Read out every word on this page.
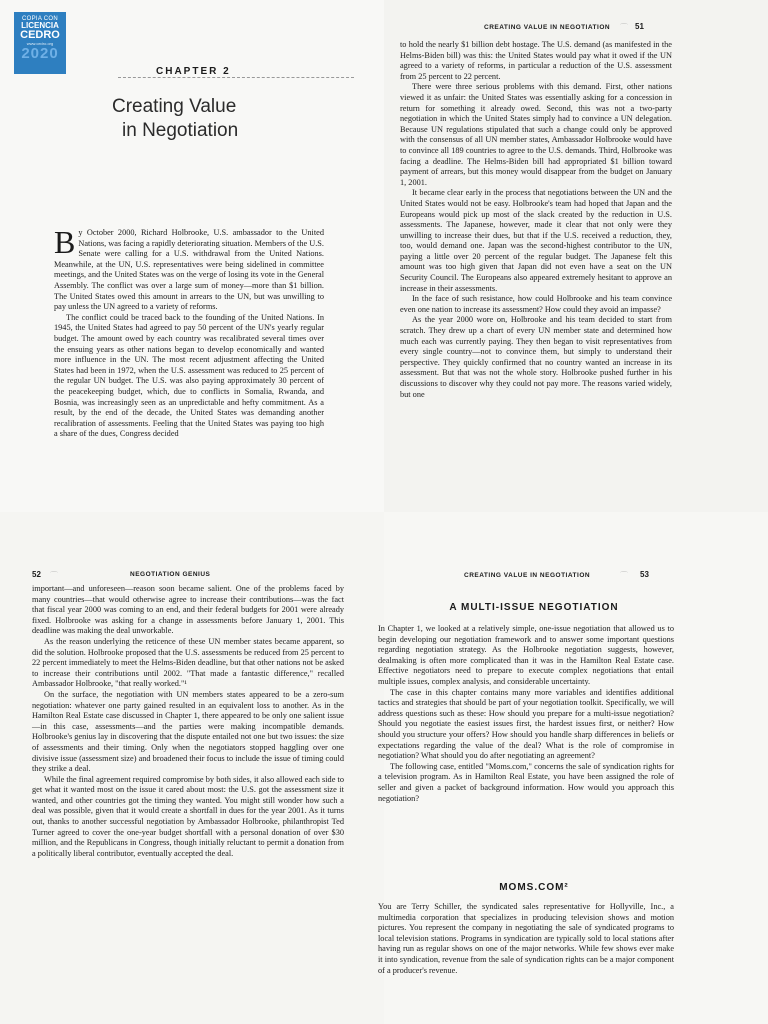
COPIA CON
LICENCIA
CEDRO
www.cedro.org
2020
CHAPTER 2
Creating Value
in Negotiation

By October 2000, Richard Holbrooke, U.S. ambassador to the United Nations, was facing a rapidly deteriorating situation. Members of the U.S. Senate were calling for a U.S. withdrawal from the United Nations. Meanwhile, at the UN, U.S. representatives were being sidelined in committee meetings, and the United States was on the verge of losing its vote in the General Assembly. The conflict was over a large sum of money—more than $1 billion. The United States owed this amount in arrears to the UN, but was unwilling to pay unless the UN agreed to a variety of reforms.

The conflict could be traced back to the founding of the United Nations. In 1945, the United States had agreed to pay 50 percent of the UN's yearly regular budget. The amount owed by each country was recalibrated several times over the ensuing years as other nations began to develop economically and wanted more influence in the UN. The most recent adjustment affecting the United States had been in 1972, when the U.S. assessment was reduced to 25 percent of the regular UN budget. The U.S. was also paying approximately 30 percent of the peacekeeping budget, which, due to conflicts in Somalia, Rwanda, and Bosnia, was increasingly seen as an unpredictable and hefty commitment. As a result, by the end of the decade, the United States was demanding another recalibration of assessments. Feeling that the United States was paying too high a share of the dues, Congress decided

CREATING VALUE IN NEGOTIATION ⌒ 51

to hold the nearly $1 billion debt hostage. The U.S. demand (as manifested in the Helms-Biden bill) was this: the United States would pay what it owed if the UN agreed to a variety of reforms, in particular a reduction of the U.S. assessment from 25 percent to 22 percent.

There were three serious problems with this demand. First, other nations viewed it as unfair: the United States was essentially asking for a concession in return for something it already owed. Second, this was not a two-party negotiation in which the United States simply had to convince a UN delegation. Because UN regulations stipulated that such a change could only be approved with the consensus of all UN member states, Ambassador Holbrooke would have to convince all 189 countries to agree to the U.S. demands. Third, Holbrooke was facing a deadline. The Helms-Biden bill had appropriated $1 billion toward payment of arrears, but this money would disappear from the budget on January 1, 2001.

It became clear early in the process that negotiations between the UN and the United States would not be easy. Holbrooke's team had hoped that Japan and the Europeans would pick up most of the slack created by the reduction in U.S. assessments. The Japanese, however, made it clear that not only were they unwilling to increase their dues, but that if the U.S. received a reduction, they, too, would demand one. Japan was the second-highest contributor to the UN, paying a little over 20 percent of the regular budget. The Japanese felt this amount was too high given that Japan did not even have a seat on the UN Security Council. The Europeans also appeared extremely hesitant to approve an increase in their assessments.

In the face of such resistance, how could Holbrooke and his team convince even one nation to increase its assessment? How could they avoid an impasse?

As the year 2000 wore on, Holbrooke and his team decided to start from scratch. They drew up a chart of every UN member state and determined how much each was currently paying. They then began to visit representatives from every single country—not to convince them, but simply to understand their perspective. They quickly confirmed that no country wanted an increase in its assessment. But that was not the whole story. Holbrooke pushed further in his discussions to discover why they could not pay more. The reasons varied widely, but one

52 ⌒	NEGOTIATION GENIUS

important—and unforeseen—reason soon became salient. One of the problems faced by many countries—that would otherwise agree to increase their contributions—was the fact that fiscal year 2000 was coming to an end, and their federal budgets for 2001 were already fixed. Holbrooke was asking for a change in assessments before January 1, 2001. This deadline was making the deal unworkable.

As the reason underlying the reticence of these UN member states became apparent, so did the solution. Holbrooke proposed that the U.S. assessments be reduced from 25 percent to 22 percent immediately to meet the Helms-Biden deadline, but that other nations not be asked to increase their contributions until 2002. "That made a fantastic difference," recalled Ambassador Holbrooke, "that really worked."¹

On the surface, the negotiation with UN members states appeared to be a zero-sum negotiation: whatever one party gained resulted in an equivalent loss to another. As in the Hamilton Real Estate case discussed in Chapter 1, there appeared to be only one salient issue—in this case, assessments—and the parties were making incompatible demands. Holbrooke's genius lay in discovering that the dispute entailed not one but two issues: the size of assessments and their timing. Only when the negotiators stopped haggling over one divisive issue (assessment size) and broadened their focus to include the issue of timing could they strike a deal.

While the final agreement required compromise by both sides, it also allowed each side to get what it wanted most on the issue it cared about most: the U.S. got the assessment size it wanted, and other countries got the timing they wanted. You might still wonder how such a deal was possible, given that it would create a shortfall in dues for the year 2001. As it turns out, thanks to another successful negotiation by Ambassador Holbrooke, philanthropist Ted Turner agreed to cover the one-year budget shortfall with a personal donation of over $30 million, and the Republicans in Congress, though initially reluctant to permit a donation from a politically liberal contributor, eventually accepted the deal.

CREATING VALUE IN NEGOTIATION	⌒ 53
A MULTI-ISSUE NEGOTIATION

In Chapter 1, we looked at a relatively simple, one-issue negotiation that allowed us to begin developing our negotiation framework and to answer some important questions regarding negotiation strategy. As the Holbrooke negotiation suggests, however, dealmaking is often more complicated than it was in the Hamilton Real Estate case. Effective negotiators need to prepare to execute complex negotiations that entail multiple issues, complex analysis, and considerable uncertainty.

The case in this chapter contains many more variables and identifies additional tactics and strategies that should be part of your negotiation toolkit. Specifically, we will address questions such as these: How should you prepare for a multi-issue negotiation? Should you negotiate the easiest issues first, the hardest issues first, or neither? How should you structure your offers? How should you handle sharp differences in beliefs or expectations regarding the value of the deal? What is the role of compromise in negotiation? What should you do after negotiating an agreement?

The following case, entitled "Moms.com," concerns the sale of syndication rights for a television program. As in Hamilton Real Estate, you have been assigned the role of seller and given a packet of background information. How would you approach this negotiation?

MOMS.COM²

You are Terry Schiller, the syndicated sales representative for Hollyville, Inc., a multimedia corporation that specializes in producing television shows and motion pictures. You represent the company in negotiating the sale of syndicated programs to local television stations. Programs in syndication are typically sold to local stations after having run as regular shows on one of the major networks. While few shows ever make it into syndication, revenue from the sale of syndication rights can be a major component of a producer's revenue.
